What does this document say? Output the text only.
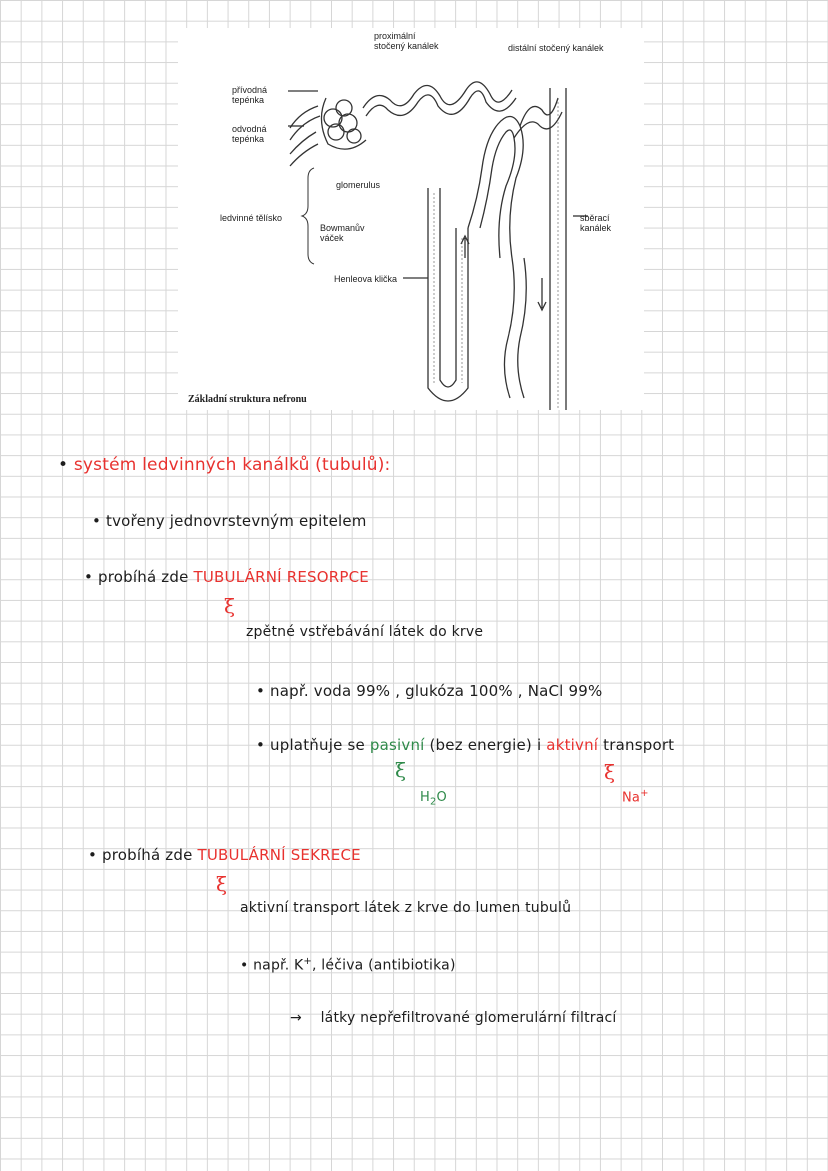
přívodná
tepénka
odvodná
tepénka
proximální
stočený kanálek	distální stočený kanálek
glomerulus
ledvinné tělísko
Bowmanův
váček
Henleova klička
sběrací
kanálek
Základní struktura nefronu
• systém ledvinných kanálků (tubulů):
• tvořeny jednovrstevným epitelem
• probíhá zde TUBULÁRNÍ RESORPCE
ξ
zpětné vstřebávání látek do krve
• např. voda 99% , glukóza 100% , NaCl 99%
• uplatňuje se pasivní (bez energie) i aktivní transport
ξ
$H_2O$
ξ
Na+
• probíhá zde TUBULÁRNÍ SEKRECE
ξ
aktivní transport látek z krve do lumen tubulů
• např. K+, léčiva (antibiotika)
→ látky nepřefiltrované glomerulární filtrací
